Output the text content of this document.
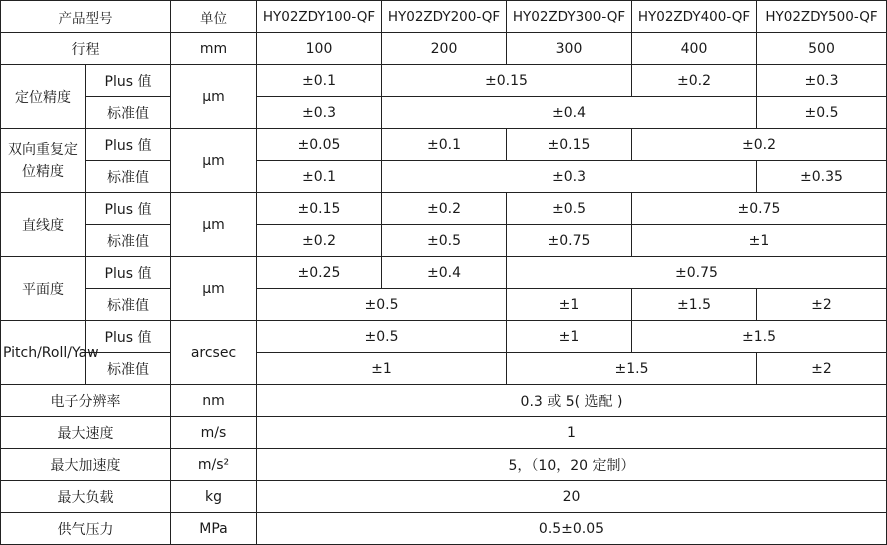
产品型号		单位	HY02ZDY100-QF	HY02ZDY200-QF	HY02ZDY300-QF	HY02ZDY400-QF	HY02ZDY500-QF
行程		mm	100	200	300	400	500
定位精度	Plus 值	μm	±0.1	±0.15		±0.2	±0.3
	标准值		±0.3	±0.4			±0.5
双向重复定位精度	Plus 值	μm	±0.05	±0.1	±0.15	±0.2	
	标准值		±0.1	±0.3			±0.35
直线度	Plus 值	μm	±0.15	±0.2	±0.5	±0.75	
	标准值		±0.2	±0.5	±0.75	±1	
平面度	Plus 值	μm	±0.25	±0.4	±0.75		
	标准值		±0.5		±1	±1.5	±2
Pitch/Roll/Yaw	Plus 值	arcsec	±0.5		±1	±1.5	
	标准值		±1		±1.5		±2
电子分辨率		nm	0.3 或 5( 选配 )				
最大速度		m/s	1				
最大加速度		m/s²	5，（10，20 定制）				
最大负载		kg	20				
供气压力		MPa	0.5±0.05				
